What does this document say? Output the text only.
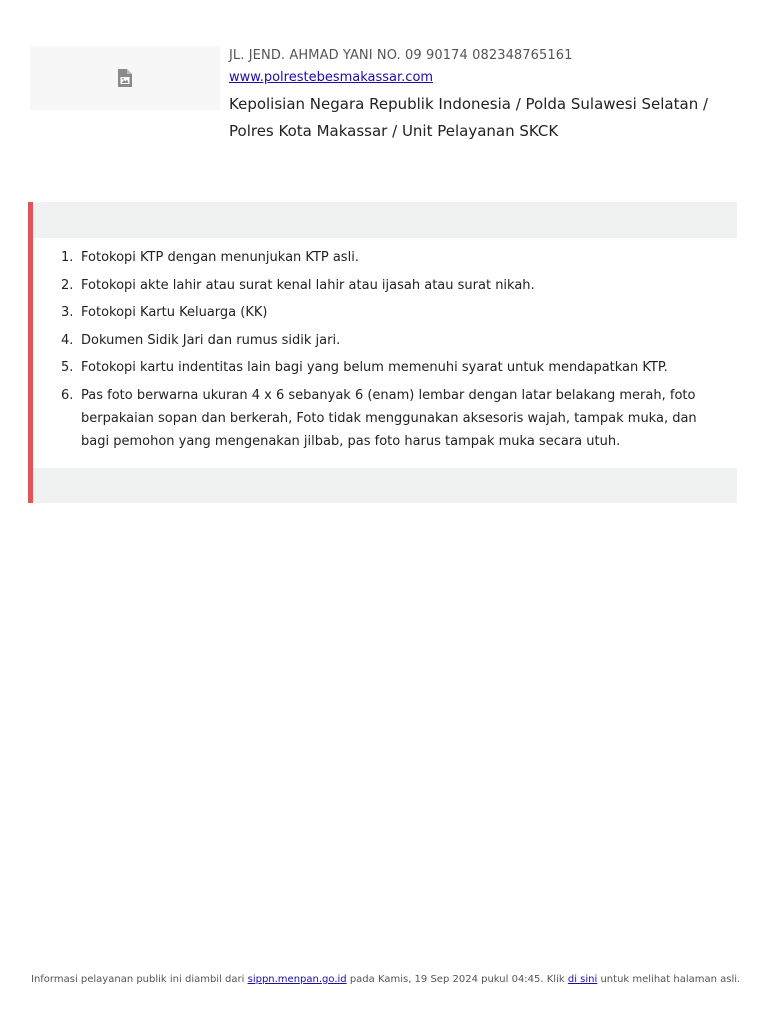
JL. JEND. AHMAD YANI NO. 09 90174 082348765161
www.polrestebesmakassar.com
Kepolisian Negara Republik Indonesia / Polda Sulawesi Selatan /
Polres Kota Makassar / Unit Pelayanan SKCK
1. Fotokopi KTP dengan menunjukan KTP asli.
2. Fotokopi akte lahir atau surat kenal lahir atau ijasah atau surat nikah.
3. Fotokopi Kartu Keluarga (KK)
4. Dokumen Sidik Jari dan rumus sidik jari.
5. Fotokopi kartu indentitas lain bagi yang belum memenuhi syarat untuk mendapatkan KTP.
6. Pas foto berwarna ukuran 4 x 6 sebanyak 6 (enam) lembar dengan latar belakang merah, foto berpakaian sopan dan berkerah, Foto tidak menggunakan aksesoris wajah, tampak muka, dan bagi pemohon yang mengenakan jilbab, pas foto harus tampak muka secara utuh.
Informasi pelayanan publik ini diambil dari sippn.menpan.go.id pada Kamis, 19 Sep 2024 pukul 04:45. Klik di sini untuk melihat halaman asli.
